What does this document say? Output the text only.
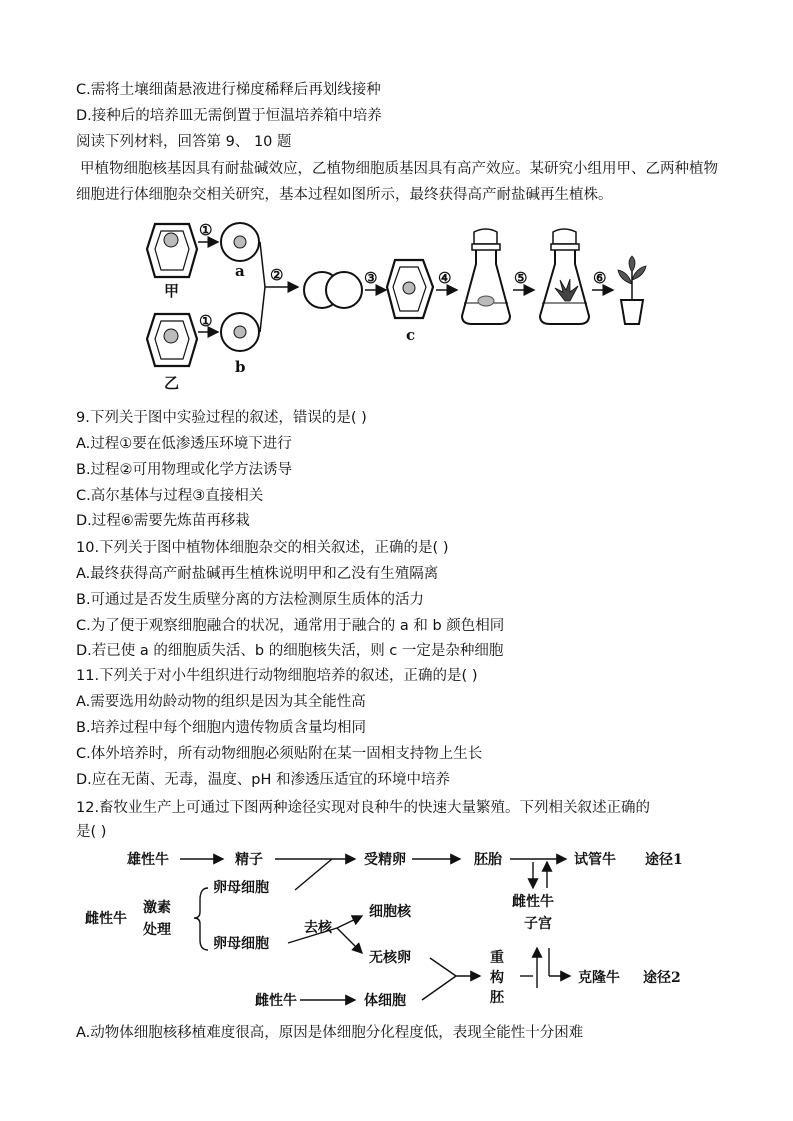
C.需将土壤细菌悬液进行梯度稀释后再划线接种
D.接种后的培养皿无需倒置于恒温培养箱中培养
阅读下列材料，回答第 9、 10 题
甲植物细胞核基因具有耐盐碱效应，乙植物细胞质基因具有高产效应。某研究小组用甲、乙两种植物细胞进行体细胞杂交相关研究，基本过程如图所示，最终获得高产耐盐碱再生植株。
甲
乙
a
b
c
①
①
②	③	④	⑤	⑥
9.下列关于图中实验过程的叙述，错误的是( )
A.过程①要在低渗透压环境下进行
B.过程②可用物理或化学方法诱导
C.高尔基体与过程③直接相关
D.过程⑥需要先炼苗再移栽
10.下列关于图中植物体细胞杂交的相关叙述，正确的是( )
A.最终获得高产耐盐碱再生植株说明甲和乙没有生殖隔离
B.可通过是否发生质壁分离的方法检测原生质体的活力
C.为了便于观察细胞融合的状况，通常用于融合的 a 和 b 颜色相同
D.若已使 a 的细胞质失活、b 的细胞核失活，则 c 一定是杂种细胞
11.下列关于对小牛组织进行动物细胞培养的叙述，正确的是( )
A.需要选用幼龄动物的组织是因为其全能性高
B.培养过程中每个细胞内遗传物质含量均相同
C.体外培养时，所有动物细胞必须贴附在某一固相支持物上生长
D.应在无菌、无毒，温度、pH 和渗透压适宜的环境中培养
12.畜牧业生产上可通过下图两种途径实现对良种牛的快速大量繁殖。下列相关叙述正确的
是( )
雄性牛	精子	受精卵	胚胎	试管牛 途径1
雌性牛
激素
处理
卵母细胞
卵母细胞
去核
细胞核
无核卵
雌性牛
子宫
重
构
胚
克隆牛 途径2
雌性牛	体细胞
A.动物体细胞核移植难度很高，原因是体细胞分化程度低，表现全能性十分困难
